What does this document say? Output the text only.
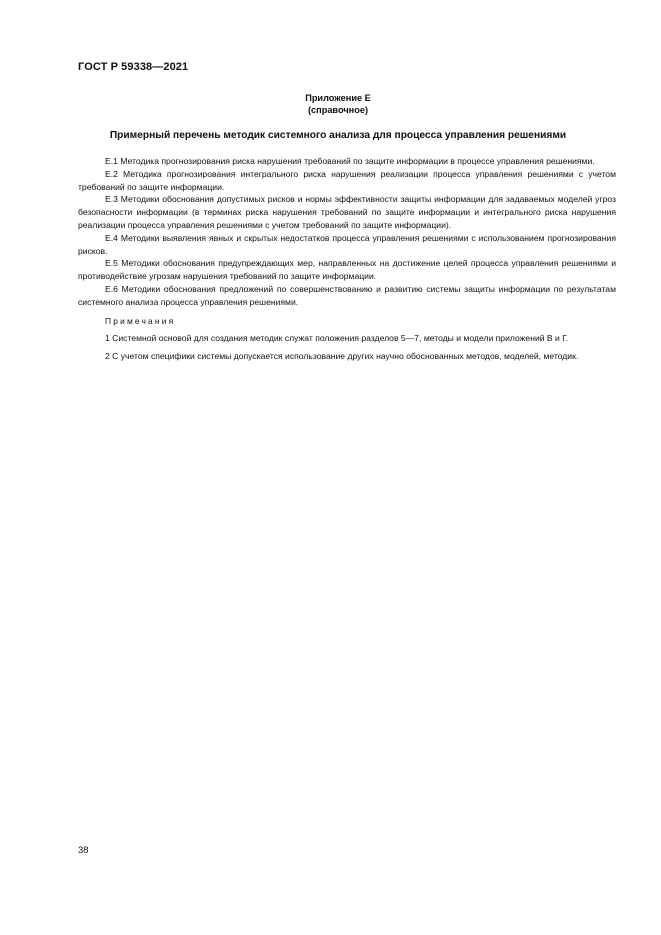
ГОСТ Р 59338—2021
Приложение Е
(справочное)
Примерный перечень методик системного анализа для процесса управления решениями

Е.1 Методика прогнозирования риска нарушения требований по защите информации в процессе управления решениями.

Е.2 Методика прогнозирования интегрального риска нарушения реализации процесса управления решениями с учетом требований по защите информации.

Е.3 Методики обоснования допустимых рисков и нормы эффективности защиты информации для задаваемых моделей угроз безопасности информации (в терминах риска нарушения требований по защите информации и интегрального риска нарушения реализации процесса управления решениями с учетом требований по защите информации).

Е.4 Методики выявления явных и скрытых недостатков процесса управления решениями с использованием прогнозирования рисков.

Е.5 Методики обоснования предупреждающих мер, направленных на достижение целей процесса управления решениями и противодействие угрозам нарушения требований по защите информации.

Е.6 Методики обоснования предложений по совершенствованию и развитию системы защиты информации по результатам системного анализа процесса управления решениями.

Примечания

1 Системной основой для создания методик служат положения разделов 5—7, методы и модели приложений В и Г.

2 С учетом специфики системы допускается использование других научно обоснованных методов, моделей, методик.

38
